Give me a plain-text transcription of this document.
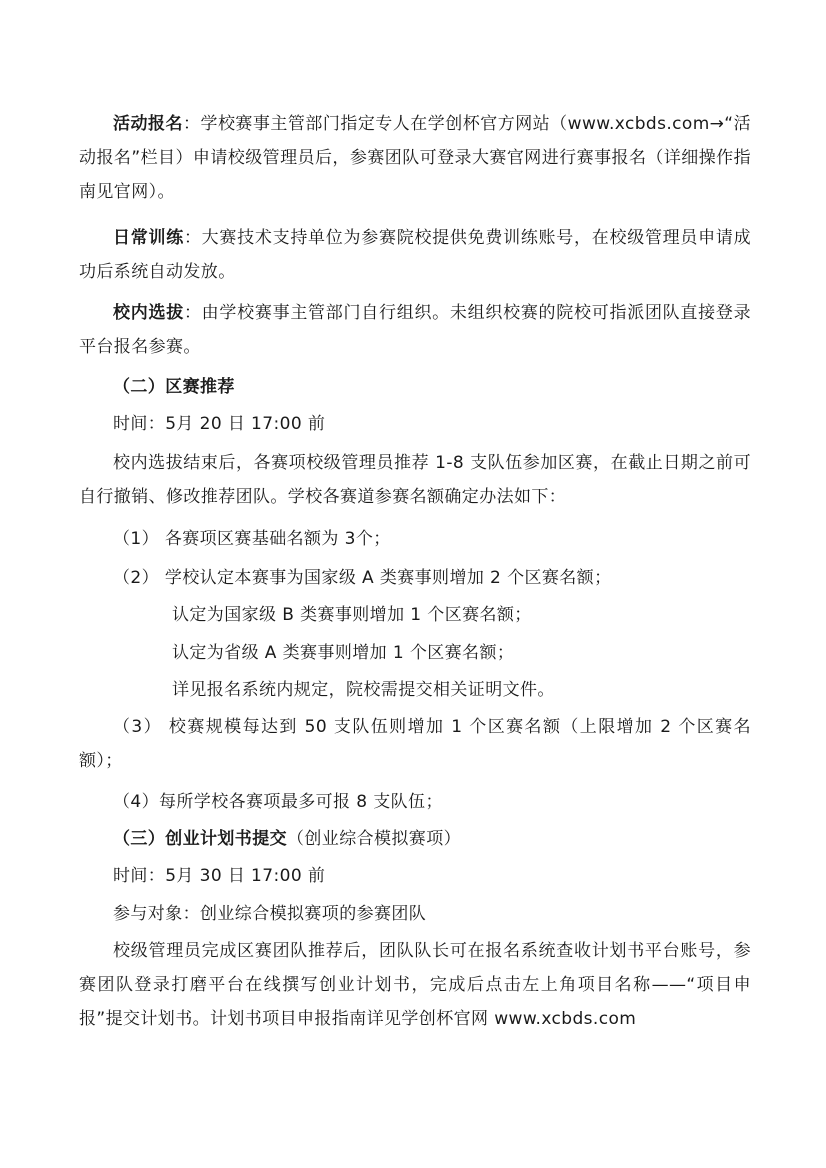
活动报名：学校赛事主管部门指定专人在学创杯官方网站（www.xcbds.com→“活动报名”栏目）申请校级管理员后，参赛团队可登录大赛官网进行赛事报名（详细操作指南见官网）。
日常训练：大赛技术支持单位为参赛院校提供免费训练账号，在校级管理员申请成功后系统自动发放。
校内选拔：由学校赛事主管部门自行组织。未组织校赛的院校可指派团队直接登录平台报名参赛。
（二）区赛推荐
时间：5月 20 日 17:00 前
校内选拔结束后，各赛项校级管理员推荐 1-8 支队伍参加区赛，在截止日期之前可自行撤销、修改推荐团队。学校各赛道参赛名额确定办法如下：
（1） 各赛项区赛基础名额为 3个；
（2） 学校认定本赛事为国家级 A 类赛事则增加 2 个区赛名额；
认定为国家级 B 类赛事则增加 1 个区赛名额；
认定为省级 A 类赛事则增加 1 个区赛名额；
详见报名系统内规定，院校需提交相关证明文件。
（3） 校赛规模每达到 50 支队伍则增加 1 个区赛名额（上限增加 2 个区赛名额）；
（4）每所学校各赛项最多可报 8 支队伍；
（三）创业计划书提交（创业综合模拟赛项）
时间：5月 30 日 17:00 前
参与对象：创业综合模拟赛项的参赛团队
校级管理员完成区赛团队推荐后，团队队长可在报名系统查收计划书平台账号，参赛团队登录打磨平台在线撰写创业计划书，完成后点击左上角项目名称——“项目申报”提交计划书。计划书项目申报指南详见学创杯官网 www.xcbds.com
